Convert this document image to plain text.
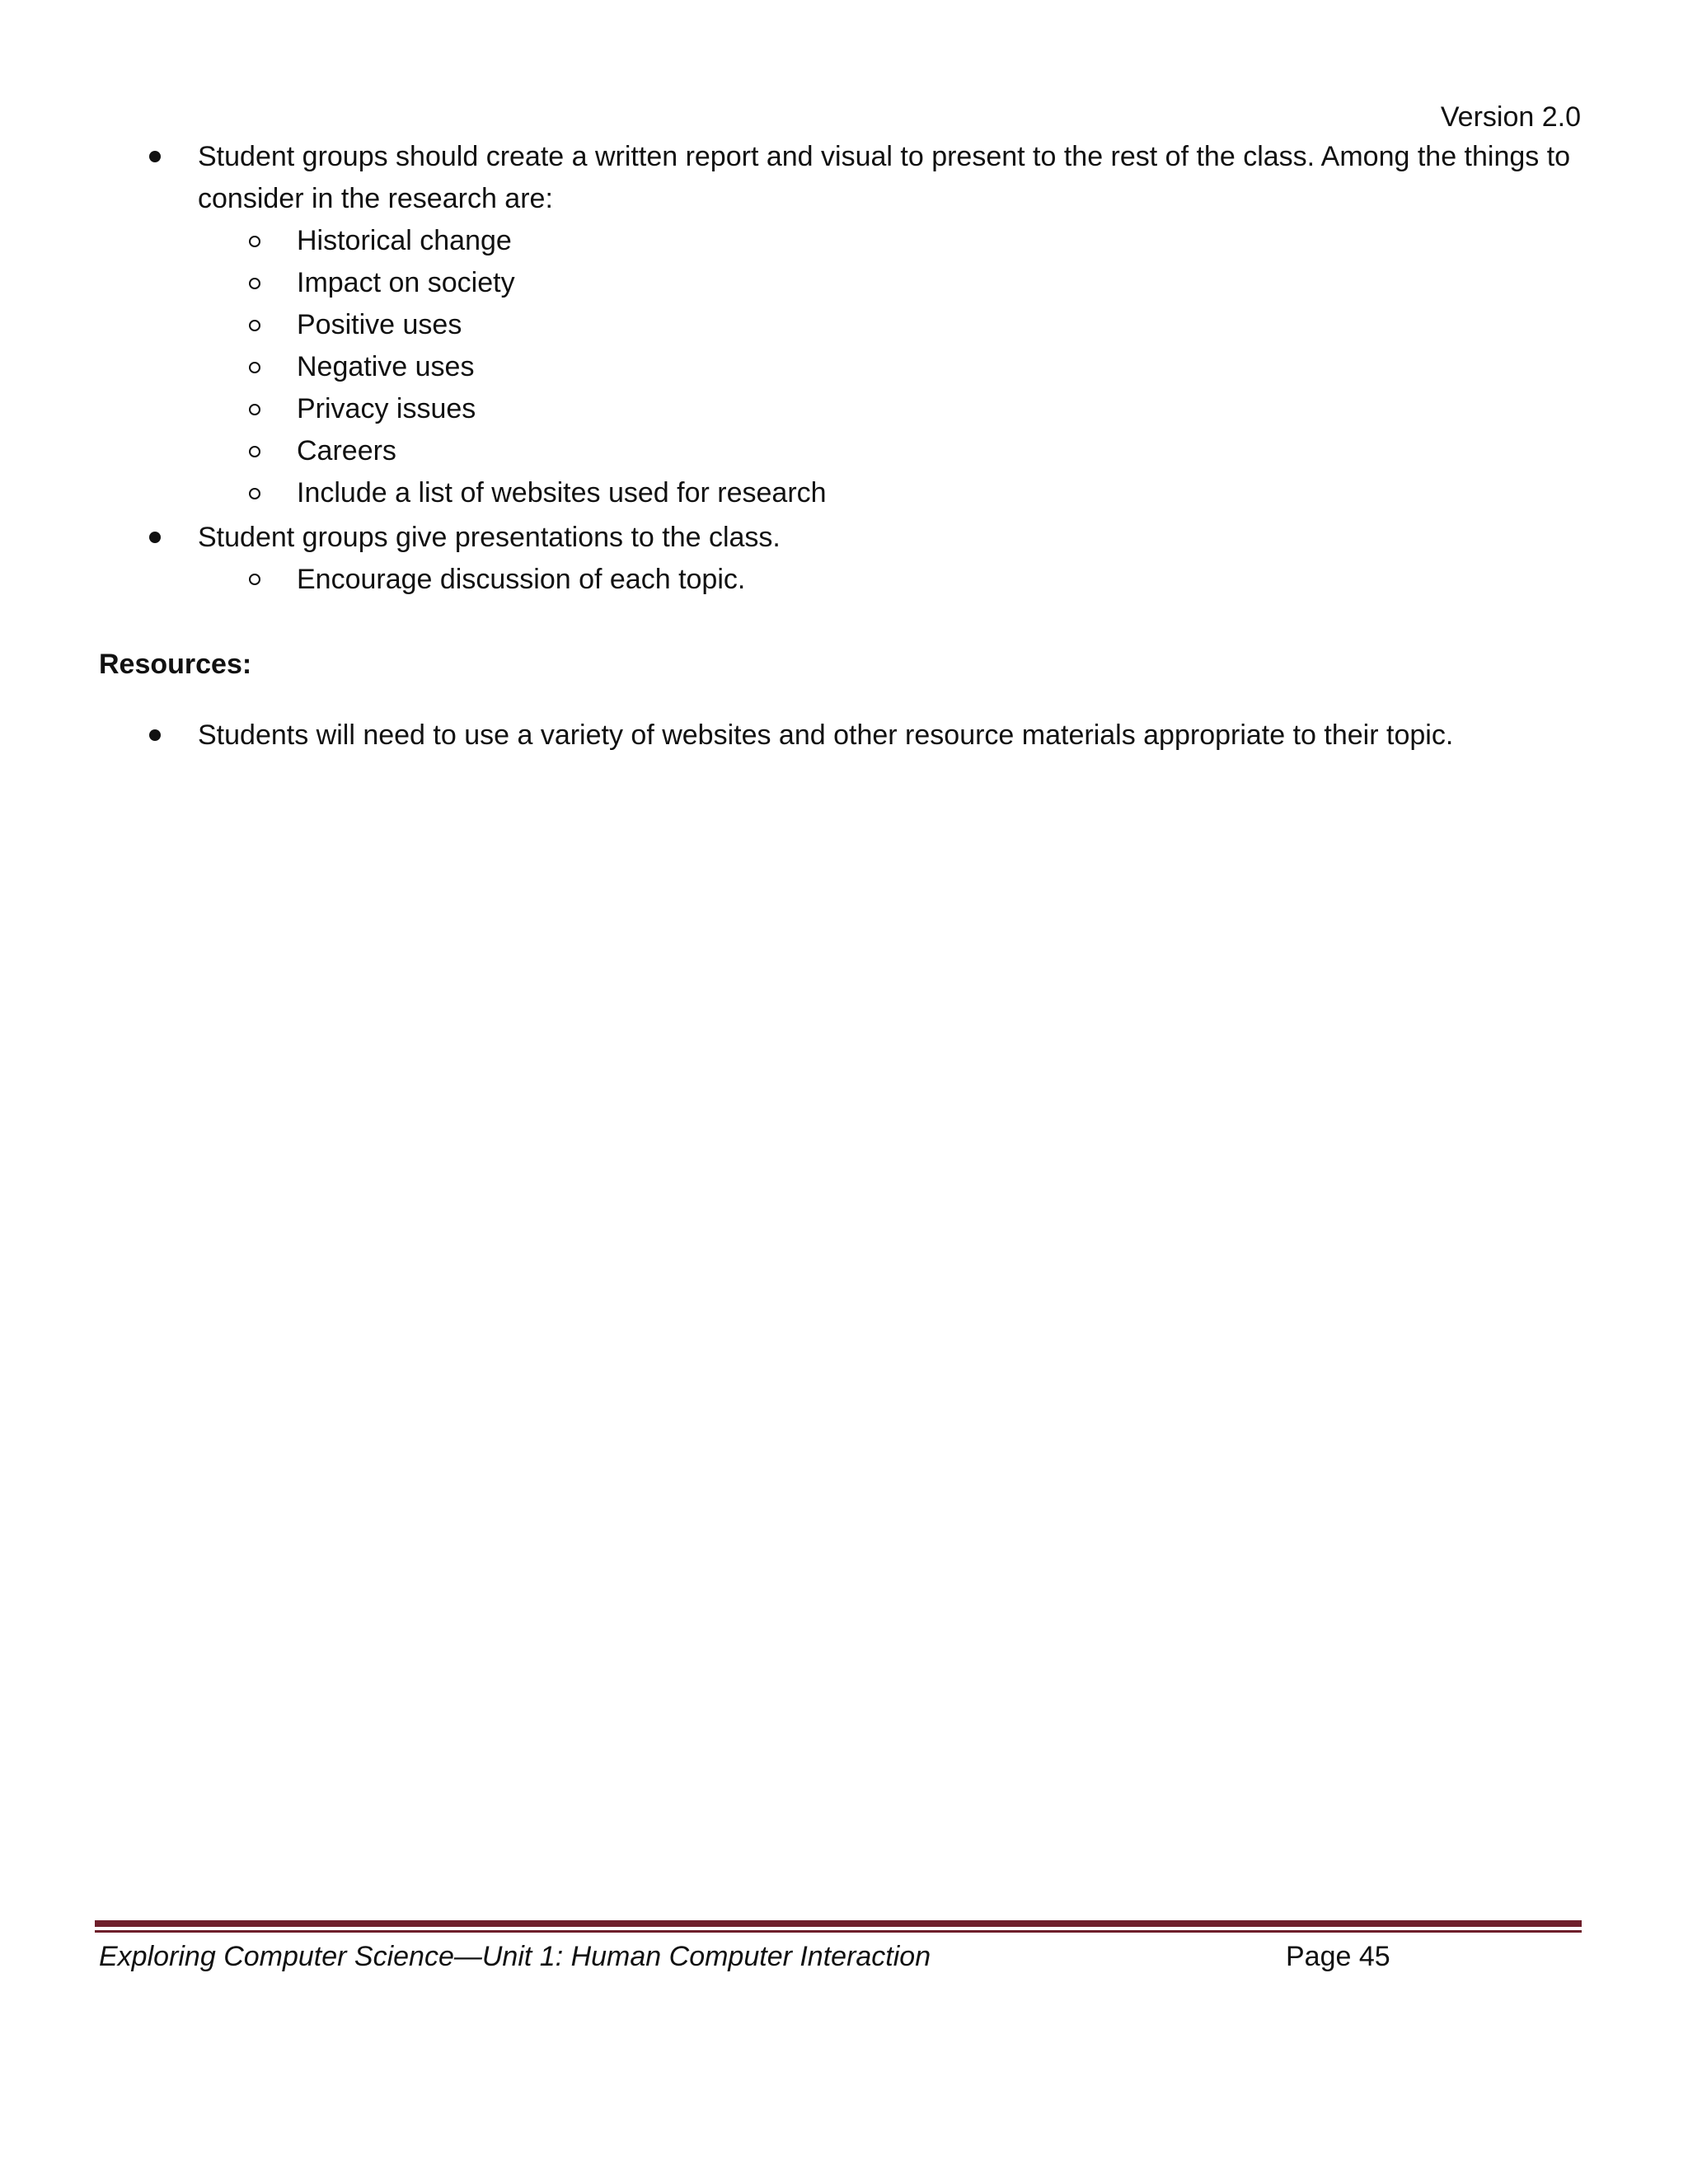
Version 2.0
Student groups should create a written report and visual to present to the rest of the class. Among the things to
consider in the research are:
Historical change
Impact on society
Positive uses
Negative uses
Privacy issues
Careers
Include a list of websites used for research
Student groups give presentations to the class.
Encourage discussion of each topic.
Resources:
Students will need to use a variety of websites and other resource materials appropriate to their topic.
Exploring Computer Science—Unit 1: Human Computer Interaction	Page 45
